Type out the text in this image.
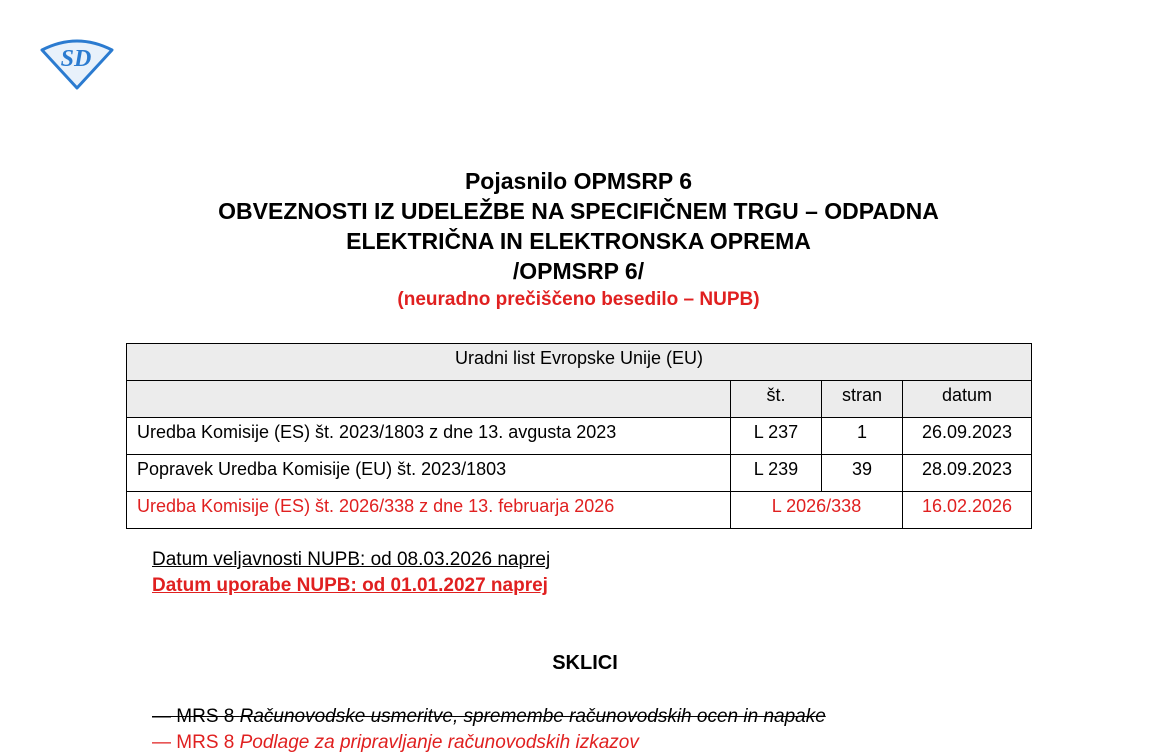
SD
Pojasnilo OPMSRP 6
OBVEZNOSTI IZ UDELEŽBE NA SPECIFIČNEM TRGU – ODPADNA
ELEKTRIČNA IN ELEKTRONSKA OPREMA
/OPMSRP 6/
(neuradno prečiščeno besedilo – NUPB)
Uradni list Evropske Unije (EU)			

	št.	stran	datum

Uredba Komisije (ES) št. 2023/1803 z dne 13. avgusta 2023	L 237	1	26.09.2023

Popravek Uredba Komisije (EU) št. 2023/1803	L 239	39	28.09.2023

Uredba Komisije (ES) št. 2026/338 z dne 13. februarja 2026	L 2026/338		16.02.2026
Datum veljavnosti NUPB: od 08.03.2026 naprej
Datum uporabe NUPB: od 01.01.2027 naprej
SKLICI
— MRS 8 Računovodske usmeritve, spremembe računovodskih ocen in napake
— MRS 8 Podlage za pripravljanje računovodskih izkazov
